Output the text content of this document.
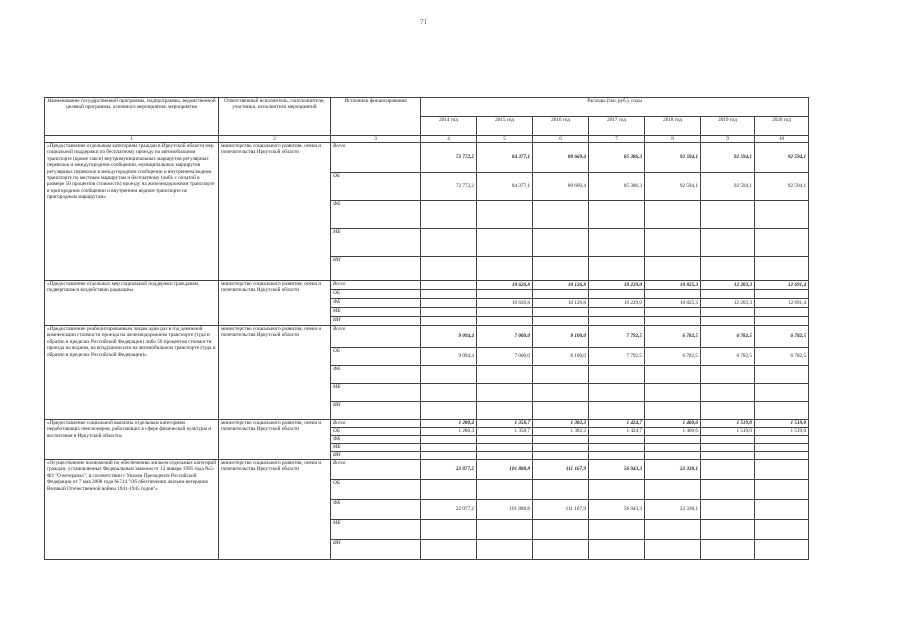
71
Наименование государственной программы, подпрограммы, ведомственной целевой программы, основного мероприятия, мероприятия	Ответственный исполнитель, соисполнители, участники, исполнители мероприятий	Источники финансирования	Расходы (тыс.руб.), годы						
			2014 год	2015 год	2016 год	2017 год	2018 год	2019 год	2020 год
1	2	3	4	5	6	7	8	9	10
«Предоставление отдельным категориям граждан в Иркутской области мер социальной поддержки по бесплатному проезду на автомобильном транспорте (кроме такси) внутримуниципальных маршрутов регулярных перевозок и междугородном сообщении, муниципальных маршрутов регулярных перевозок в междугородном сообщении и внутреннем водном транспорте по местным маршрутам и бесплатному (либо с оплатой в размере 50 процентов стоимости) проезду на железнодорожном транспорте в пригородном сообщении и внутреннем водном транспорте по пригородным маршрутам»	министерство социального развития, опеки и попечительства Иркутской области	Всего	72 772,2	84 377,1	80 669,4	85 386,3	92 594,1	92 594,1	92 594,1
		ОБ	72 772,2	84 377,1	80 669,4	85 386,3	92 594,1	92 594,1	92 594,1
		ФБ							
		МБ							
		ИИ							
«Предоставление отдельных мер социальной поддержки гражданам, подвергшимся воздействию радиации»	министерство социального развития, опеки и попечительства Иркутской области	Всего		10 626,8	10 126,8	10 229,0	10 825,3	12 203,3	12 691,4
		ОБ							
		ФБ		10 626,8	10 126,8	10 229,0	10 825,3	12 203,3	12 691,4
		МБ							
		ИИ							
«Предоставление реабилитированным лицам один раз в год денежной компенсации стоимости проезда на железнодорожном транспорте (туда и обратно в пределах Российской Федерации) либо 50 процентов стоимости проезда на водном, на воздушном или на автомобильном транспорте (туда и обратно в пределах Российской Федерации)»	министерство социального развития, опеки и попечительства Иркутской области	Всего	9 094,4	7 000,0	8 100,0	7 792,5	6 782,5	6 782,5	6 782,5
		ОБ	9 094,4	7 000,0	8 100,0	7 792,5	6 782,5	6 782,5	6 782,5
		ФБ							
		МБ							
		ИИ							
«Предоставление социальной выплаты отдельным категориям неработающих пенсионеров, работающих в сфере физической культуры и воспитания в Иркутской области»	министерство социального развития, опеки и попечительства Иркутской области	Всего	1 280,4	1 358,7	1 382,3	1 424,7	1 460,6	1 519,0	1 519,0
		ОБ	1 280,4	1 358,7	1 382,3	1 424,7	1 460,6	1 519,0	1 519,0
		ФБ							
		МБ							
		ИИ							
«Осуществление полномочий по обеспечению жильем отдельных категорий граждан, установленных Федеральным законом от 12 января 1995 года №5-ФЗ "О ветеранах", в соответствии с Указом Президента Российской Федерации от 7 мая 2008 года №714 "Об обеспечении жильем ветеранов Великой Отечественной войны 1941-1945 годов"»	министерство социального развития, опеки и попечительства Иркутской области	Всего	22 077,2	101 888,8	111 167,9	56 943,3	22 338,1		
		ОБ							
		ФБ	22 077,2	101 888,8	111 167,9	56 943,3	22 338,1		
		МБ							
		ИИ							
